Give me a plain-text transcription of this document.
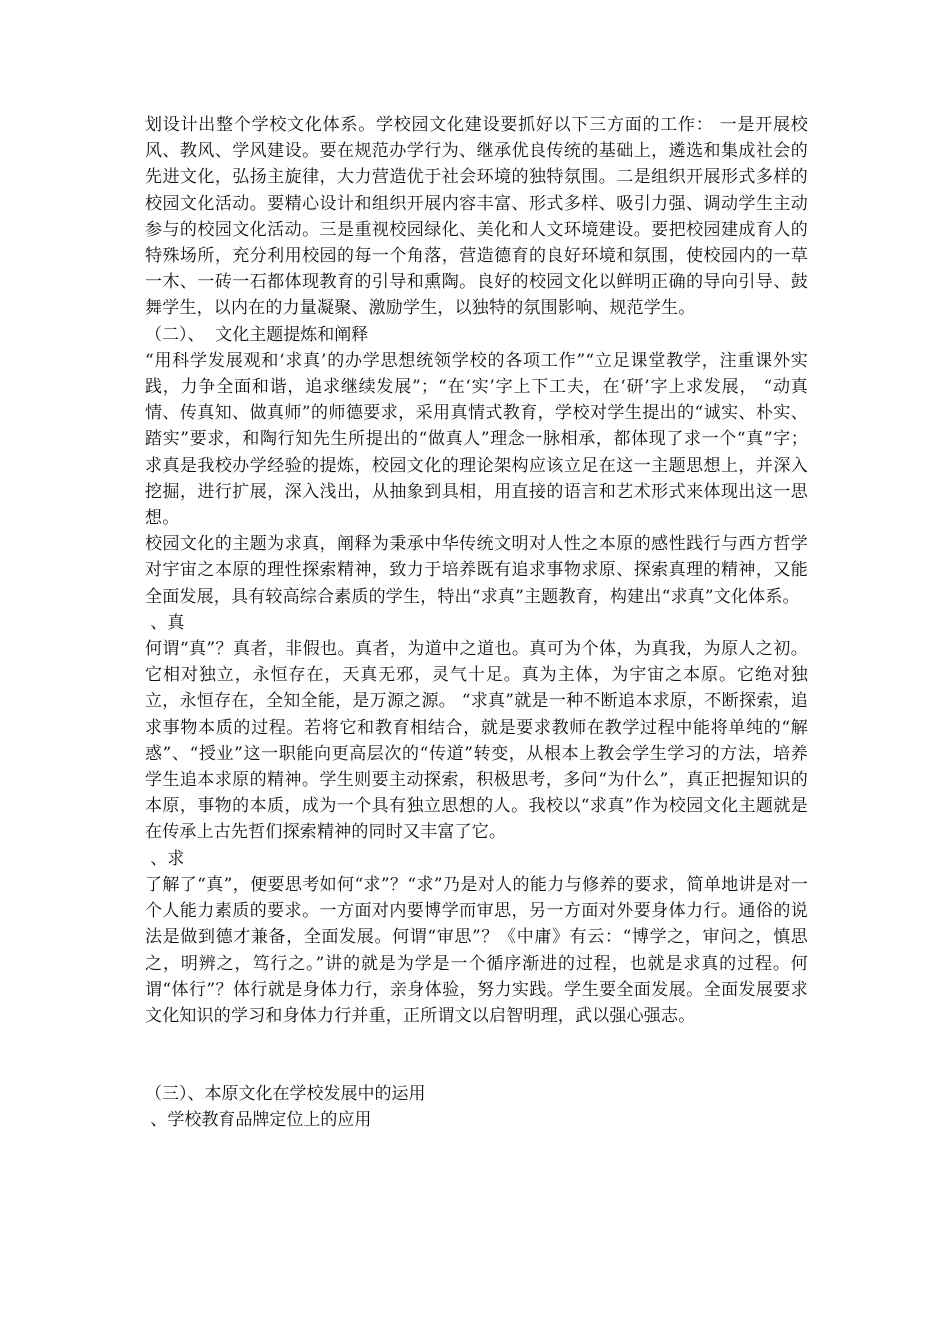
划设计出整个学校文化体系。学校园文化建设要抓好以下三方面的工作： 一是开展校风、教风、学风建设。要在规范办学行为、继承优良传统的基础上，遴选和集成社会的先进文化，弘扬主旋律，大力营造优于社会环境的独特氛围。二是组织开展形式多样的校园文化活动。要精心设计和组织开展内容丰富、形式多样、吸引力强、调动学生主动参与的校园文化活动。三是重视校园绿化、美化和人文环境建设。要把校园建成育人的特殊场所，充分利用校园的每一个角落，营造德育的良好环境和氛围，使校园内的一草一木、一砖一石都体现教育的引导和熏陶。良好的校园文化以鲜明正确的导向引导、鼓舞学生，以内在的力量凝聚、激励学生，以独特的氛围影响、规范学生。

（二）、  文化主题提炼和阐释

“用科学发展观和‘求真’的办学思想统领学校的各项工作”“立足课堂教学，注重课外实践，力争全面和谐，追求继续发展”；“在‘实’字上下工夫，在‘研’字上求发展， “动真情、传真知、做真师”的师德要求，采用真情式教育，学校对学生提出的“诚实、朴实、踏实”要求，和陶行知先生所提出的“做真人”理念一脉相承，都体现了求一个“真”字；求真是我校办学经验的提炼，校园文化的理论架构应该立足在这一主题思想上，并深入挖掘，进行扩展，深入浅出，从抽象到具相，用直接的语言和艺术形式来体现出这一思想。

校园文化的主题为求真，阐释为秉承中华传统文明对人性之本原的感性践行与西方哲学对宇宙之本原的理性探索精神，致力于培养既有追求事物求原、探索真理的精神，又能全面发展，具有较高综合素质的学生，特出“求真”主题教育，构建出“求真”文化体系。

、真

何谓“真”？真者，非假也。真者，为道中之道也。真可为个体，为真我，为原人之初。它相对独立，永恒存在，天真无邪，灵气十足。真为主体，为宇宙之本原。它绝对独立，永恒存在，全知全能，是万源之源。 “求真”就是一种不断追本求原，不断探索，追求事物本质的过程。若将它和教育相结合，就是要求教师在教学过程中能将单纯的“解惑”、“授业”这一职能向更高层次的“传道”转变，从根本上教会学生学习的方法，培养学生追本求原的精神。学生则要主动探索，积极思考，多问“为什么”，真正把握知识的本原，事物的本质，成为一个具有独立思想的人。我校以“求真”作为校园文化主题就是在传承上古先哲们探索精神的同时又丰富了它。

、求

了解了“真”，便要思考如何“求”？“求”乃是对人的能力与修养的要求，简单地讲是对一个人能力素质的要求。一方面对内要博学而审思，另一方面对外要身体力行。通俗的说法是做到德才兼备，全面发展。何谓“审思”？《中庸》有云：“博学之，审问之，慎思之，明辨之，笃行之。”讲的就是为学是一个循序渐进的过程，也就是求真的过程。何谓“体行”？体行就是身体力行，亲身体验，努力实践。学生要全面发展。全面发展要求文化知识的学习和身体力行并重，正所谓文以启智明理，武以强心强志。

（三）、本原文化在学校发展中的运用

、学校教育品牌定位上的应用
